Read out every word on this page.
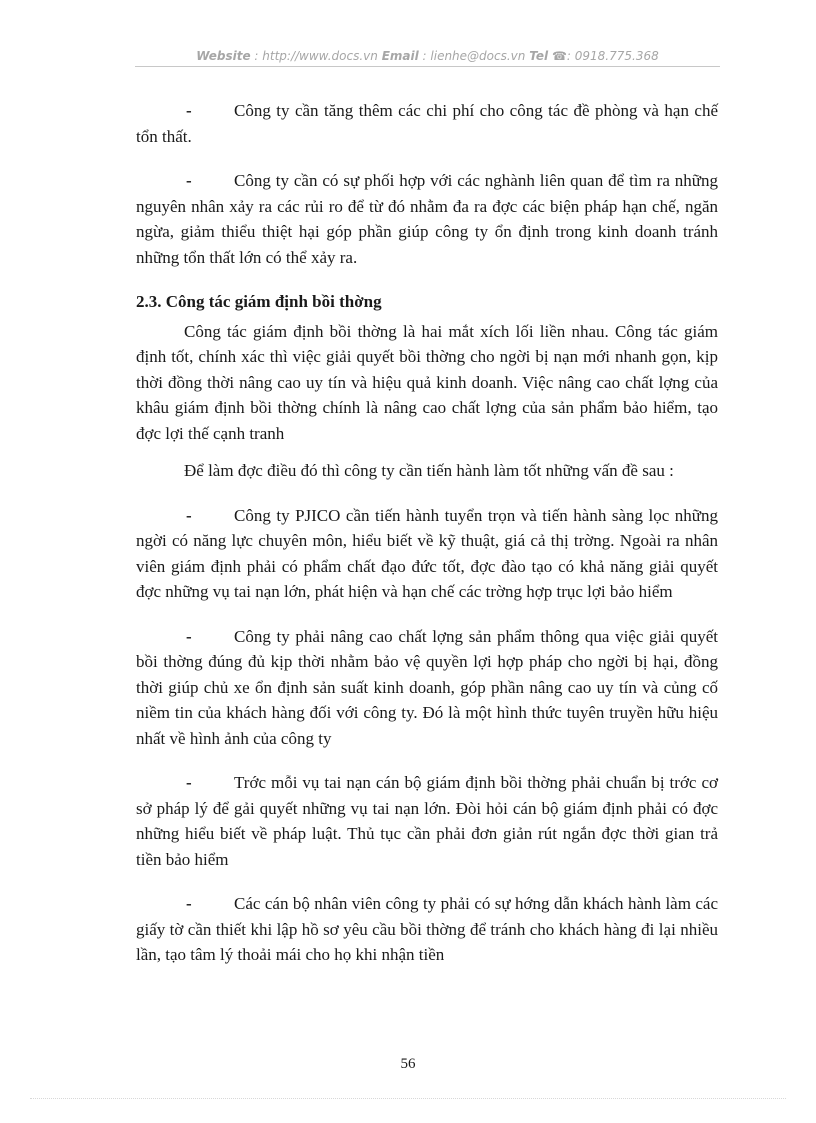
Website : http://www.docs.vn Email : lienhe@docs.vn Tel ☎: 0918.775.368

- Công ty cần tăng thêm các chi phí cho công tác đề phòng và hạn chế tổn thất.

- Công ty cần có sự phối hợp với các nghành liên quan để tìm ra những nguyên nhân xảy ra các rủi ro để từ đó nhằm đa ra đợc các biện pháp hạn chế, ngăn ngừa, giảm thiểu thiệt hại góp phần giúp công ty ổn định trong kinh doanh tránh những tổn thất lớn có thể xảy ra.

2.3. Công tác giám định bồi thờng

Công tác giám định bồi thờng là hai mắt xích lối liền nhau. Công tác giám định tốt, chính xác thì việc giải quyết bồi thờng cho ngời bị nạn mới nhanh gọn, kịp thời đồng thời nâng cao uy tín và hiệu quả kinh doanh. Việc nâng cao chất lợng của khâu giám định bồi thờng chính là nâng cao chất lợng của sản phẩm bảo hiểm, tạo đợc lợi thế cạnh tranh

Để làm đợc điều đó thì công ty cần tiến hành làm tốt những vấn đề sau :

- Công ty PJICO cần tiến hành tuyển trọn và tiến hành sàng lọc những ngời có năng lực chuyên môn, hiểu biết về kỹ thuật, giá cả thị trờng. Ngoài ra nhân viên giám định phải có phẩm chất đạo đức tốt, đợc đào tạo có khả năng giải quyết đợc những vụ tai nạn lớn, phát hiện và hạn chế các trờng hợp trục lợi bảo hiểm

- Công ty phải nâng cao chất lợng sản phẩm thông qua việc giải quyết bồi thờng đúng đủ kịp thời nhằm bảo vệ quyền lợi hợp pháp cho ngời bị hại, đồng thời giúp chủ xe ổn định sản suất kinh doanh, góp phần nâng cao uy tín và củng cố niềm tin của khách hàng đối với công ty. Đó là một hình thức tuyên truyền hữu hiệu nhất về hình ảnh của công ty

- Trớc mỗi vụ tai nạn cán bộ giám định bồi thờng phải chuẩn bị trớc cơ sở pháp lý để gải quyết những vụ tai nạn lớn. Đòi hỏi cán bộ giám định phải có đợc những hiểu biết về pháp luật. Thủ tục cần phải đơn giản rút ngắn đợc thời gian trả tiền bảo hiểm

- Các cán bộ nhân viên công ty phải có sự hớng dẫn khách hành làm các giấy tờ cần thiết khi lập hồ sơ yêu cầu bồi thờng để tránh cho khách hàng đi lại nhiều lần, tạo tâm lý thoải mái cho họ khi nhận tiền

56
